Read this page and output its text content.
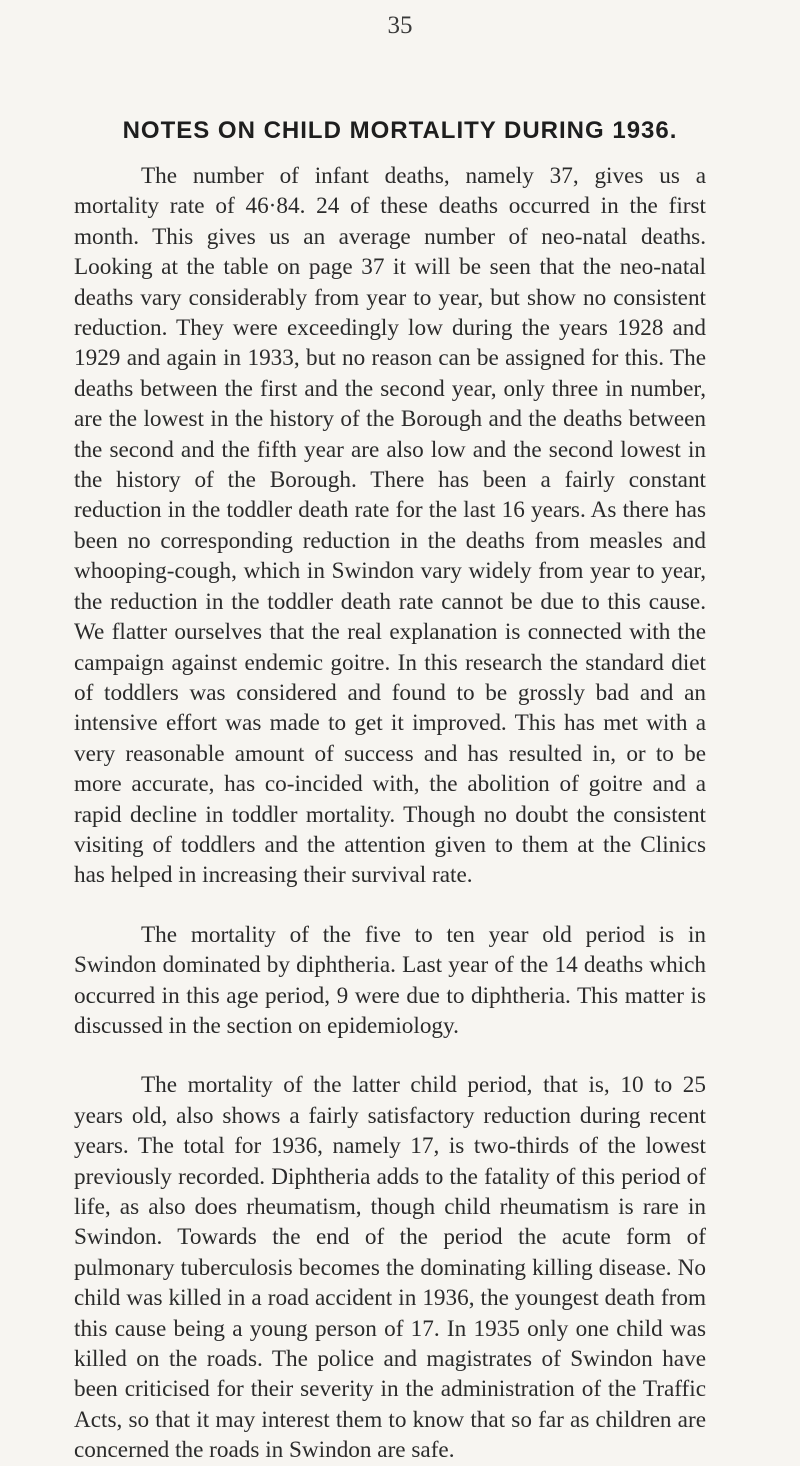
35
NOTES ON CHILD MORTALITY DURING 1936.

The number of infant deaths, namely 37, gives us a mortality rate of 46·84. 24 of these deaths occurred in the first month. This gives us an average number of neo-natal deaths. Looking at the table on page 37 it will be seen that the neo-natal deaths vary considerably from year to year, but show no consistent reduction. They were exceedingly low during the years 1928 and 1929 and again in 1933, but no reason can be assigned for this. The deaths between the first and the second year, only three in number, are the lowest in the history of the Borough and the deaths between the second and the fifth year are also low and the second lowest in the history of the Borough. There has been a fairly constant reduction in the toddler death rate for the last 16 years. As there has been no corresponding reduction in the deaths from measles and whooping-cough, which in Swindon vary widely from year to year, the reduction in the toddler death rate cannot be due to this cause. We flatter ourselves that the real explanation is connected with the campaign against endemic goitre. In this research the standard diet of toddlers was considered and found to be grossly bad and an intensive effort was made to get it improved. This has met with a very reasonable amount of success and has resulted in, or to be more accurate, has co-incided with, the abolition of goitre and a rapid decline in toddler mortality. Though no doubt the consistent visiting of toddlers and the attention given to them at the Clinics has helped in increasing their survival rate.

The mortality of the five to ten year old period is in Swindon dominated by diphtheria. Last year of the 14 deaths which occurred in this age period, 9 were due to diphtheria. This matter is discussed in the section on epidemiology.

The mortality of the latter child period, that is, 10 to 25 years old, also shows a fairly satisfactory reduction during recent years. The total for 1936, namely 17, is two-thirds of the lowest previously recorded. Diphtheria adds to the fatality of this period of life, as also does rheumatism, though child rheumatism is rare in Swindon. Towards the end of the period the acute form of pulmonary tuberculosis becomes the dominating killing disease. No child was killed in a road accident in 1936, the youngest death from this cause being a young person of 17. In 1935 only one child was killed on the roads. The police and magistrates of Swindon have been criticised for their severity in the administration of the Traffic Acts, so that it may interest them to know that so far as children are concerned the roads in Swindon are safe.
